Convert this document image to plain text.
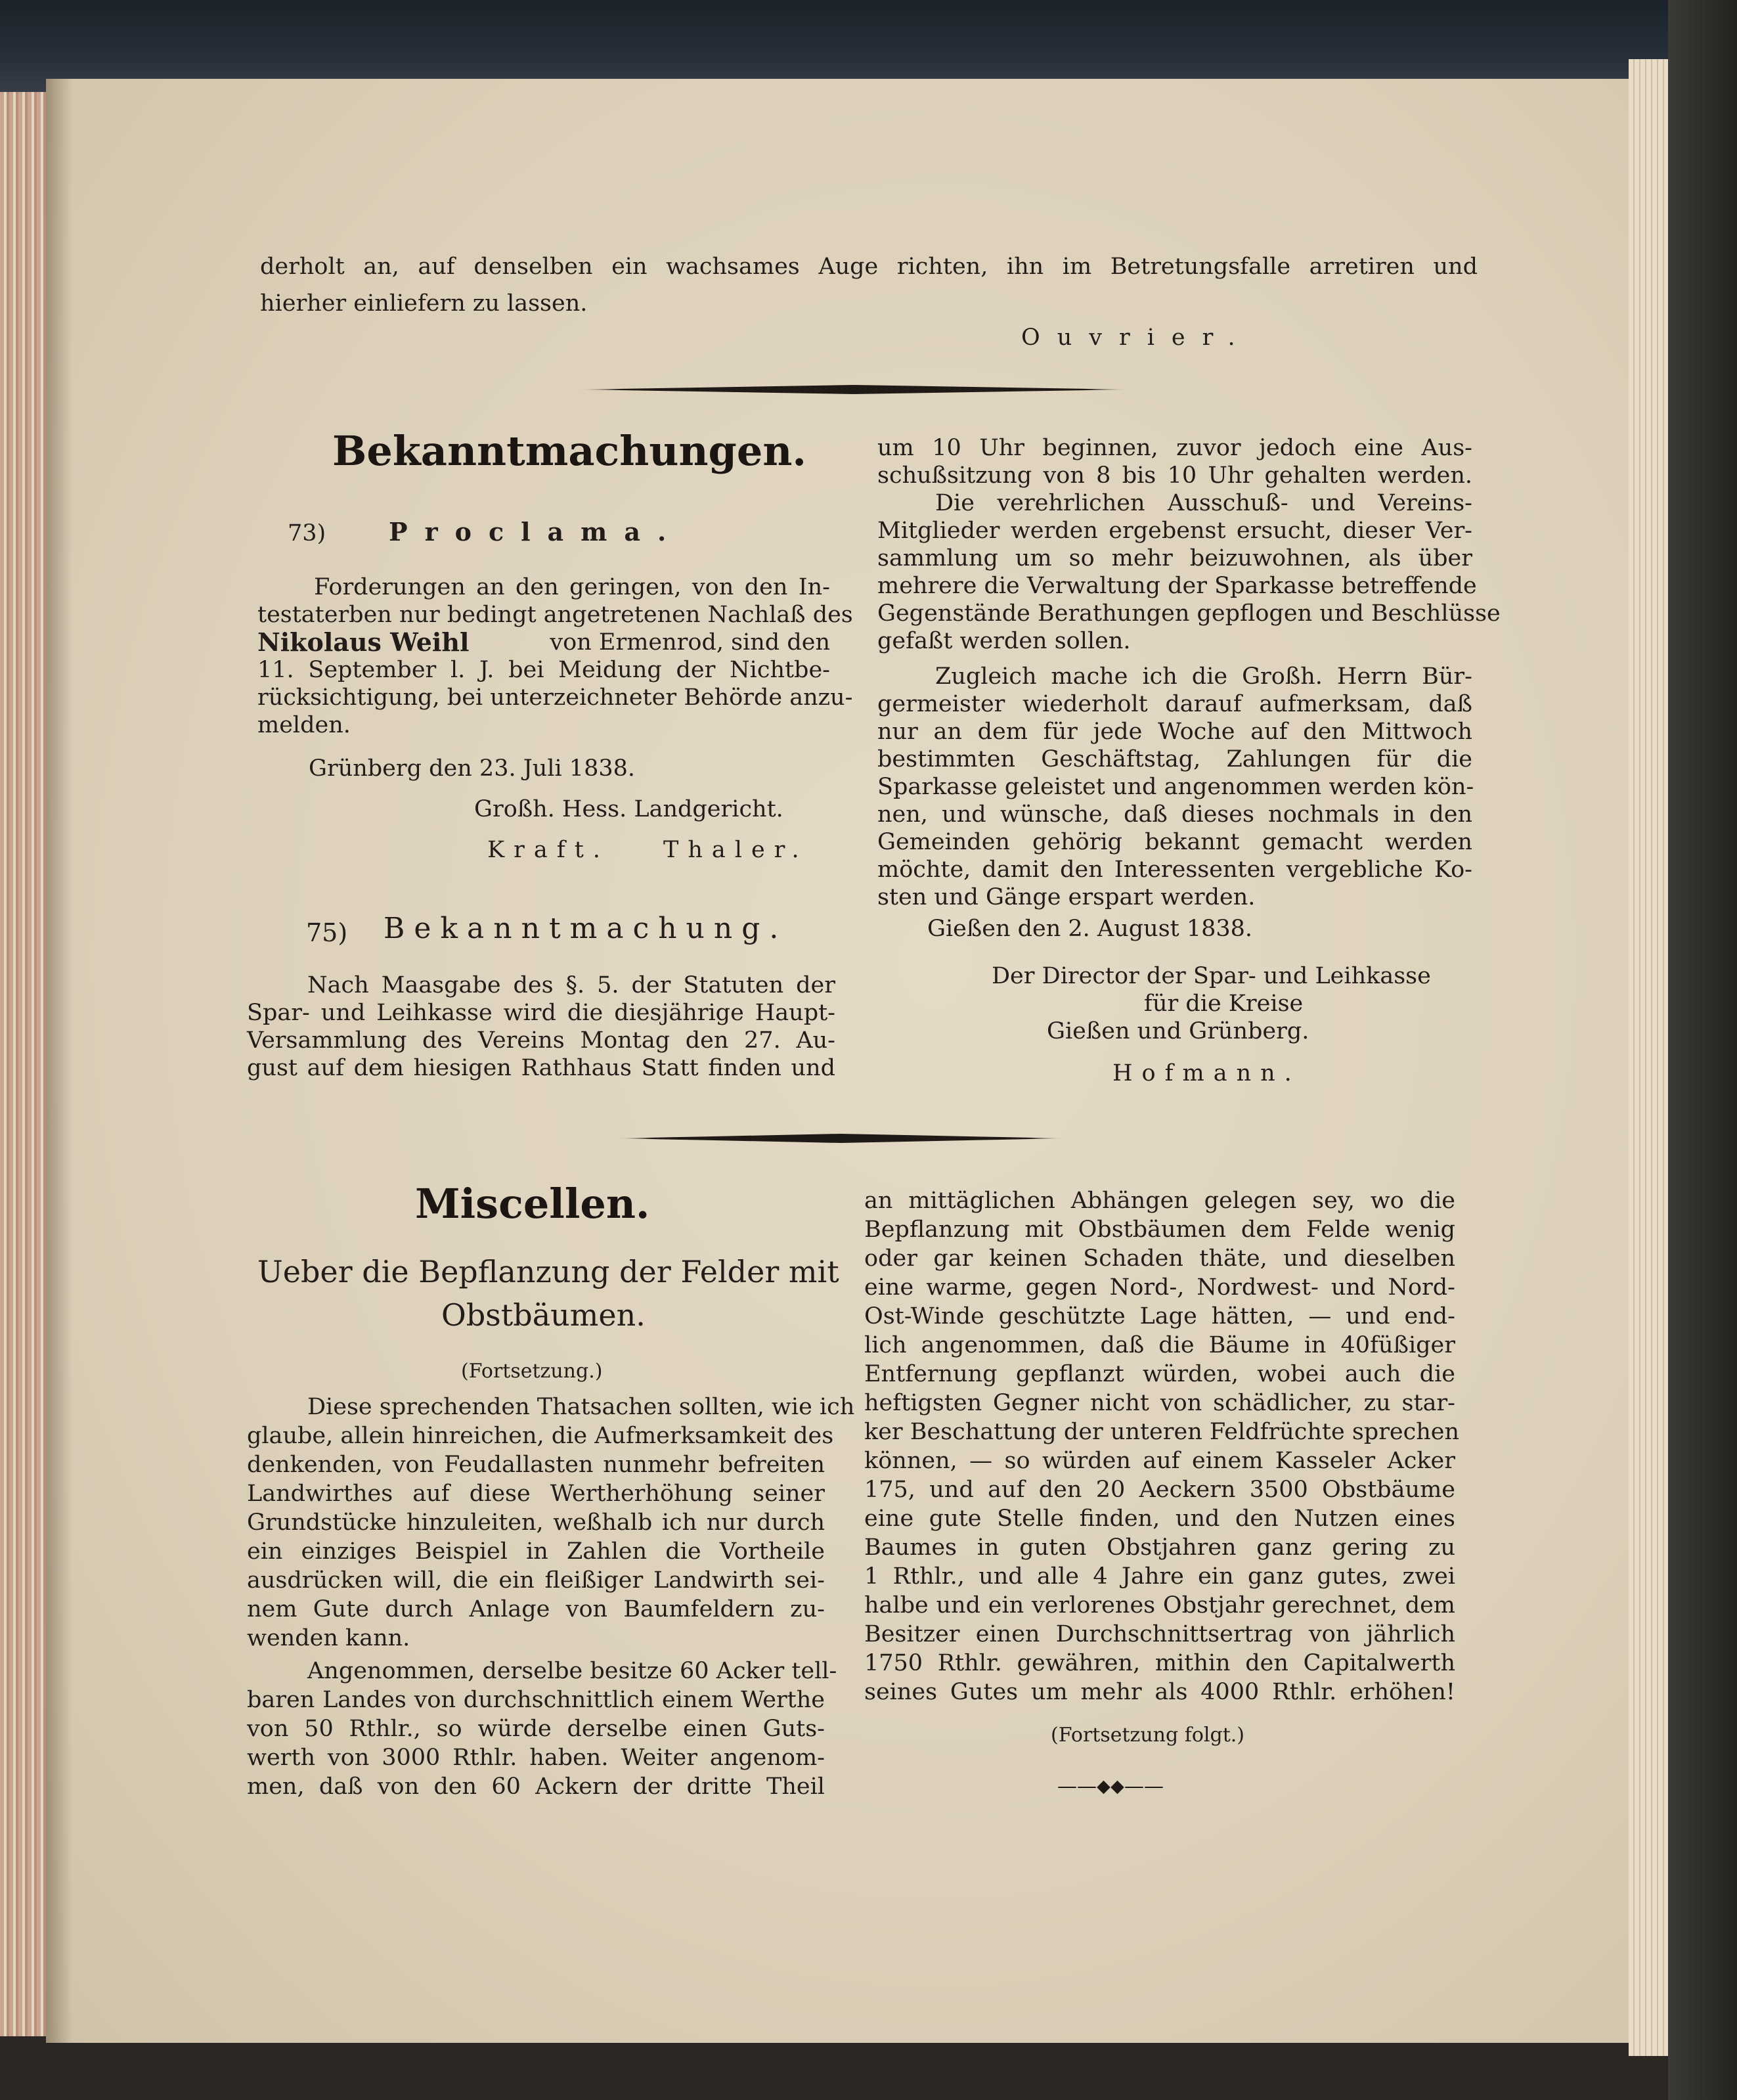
derholt an, auf denselben ein wachsames Auge richten, ihn im Betretungsfalle arretiren und
hierher einliefern zu lassen.
Ouvrier.
Bekanntmachungen.
73)	Proclama.
Forderungen an den geringen, von den In-
testaterben nur bedingt angetretenen Nachlaß des
Nikolaus Weihl	von Ermenrod, sind den
11. September l. J. bei Meidung der Nichtbe-
rücksichtigung, bei unterzeichneter Behörde anzu-
melden.
Grünberg den 23. Juli 1838.
Großh. Hess. Landgericht.
Kraft. Thaler.
75) Bekanntmachung.
Nach Maasgabe des §. 5. der Statuten der
Spar- und Leihkasse wird die diesjährige Haupt-
Versammlung des Vereins Montag den 27. Au-
gust auf dem hiesigen Rathhaus Statt finden und
um 10 Uhr beginnen, zuvor jedoch eine Aus-
schußsitzung von 8 bis 10 Uhr gehalten werden.
Die verehrlichen Ausschuß- und Vereins-
Mitglieder werden ergebenst ersucht, dieser Ver-
sammlung um so mehr beizuwohnen, als über
mehrere die Verwaltung der Sparkasse betreffende
Gegenstände Berathungen gepflogen und Beschlüsse
gefaßt werden sollen.
Zugleich mache ich die Großh. Herrn Bür-
germeister wiederholt darauf aufmerksam, daß
nur an dem für jede Woche auf den Mittwoch
bestimmten Geschäftstag, Zahlungen für die
Sparkasse geleistet und angenommen werden kön-
nen, und wünsche, daß dieses nochmals in den
Gemeinden gehörig bekannt gemacht werden
möchte, damit den Interessenten vergebliche Ko-
sten und Gänge erspart werden.
Gießen den 2. August 1838.
Der Director der Spar- und Leihkasse
für die Kreise
Gießen und Grünberg.
Hofmann.
Miscellen.
Ueber die Bepflanzung der Felder mit
Obstbäumen.
(Fortsetzung.)
Diese sprechenden Thatsachen sollten, wie ich
glaube, allein hinreichen, die Aufmerksamkeit des
denkenden, von Feudallasten nunmehr befreiten
Landwirthes auf diese Wertherhöhung seiner
Grundstücke hinzuleiten, weßhalb ich nur durch
ein einziges Beispiel in Zahlen die Vortheile
ausdrücken will, die ein fleißiger Landwirth sei-
nem Gute durch Anlage von Baumfeldern zu-
wenden kann.
Angenommen, derselbe besitze 60 Acker tell-
baren Landes von durchschnittlich einem Werthe
von 50 Rthlr., so würde derselbe einen Guts-
werth von 3000 Rthlr. haben. Weiter angenom-
men, daß von den 60 Ackern der dritte Theil
an mittäglichen Abhängen gelegen sey, wo die
Bepflanzung mit Obstbäumen dem Felde wenig
oder gar keinen Schaden thäte, und dieselben
eine warme, gegen Nord-, Nordwest- und Nord-
Ost-Winde geschützte Lage hätten, — und end-
lich angenommen, daß die Bäume in 40füßiger
Entfernung gepflanzt würden, wobei auch die
heftigsten Gegner nicht von schädlicher, zu star-
ker Beschattung der unteren Feldfrüchte sprechen
können, — so würden auf einem Kasseler Acker
175, und auf den 20 Aeckern 3500 Obstbäume
eine gute Stelle finden, und den Nutzen eines
Baumes in guten Obstjahren ganz gering zu
1 Rthlr., und alle 4 Jahre ein ganz gutes, zwei
halbe und ein verlorenes Obstjahr gerechnet, dem
Besitzer einen Durchschnittsertrag von jährlich
1750 Rthlr. gewähren, mithin den Capitalwerth
seines Gutes um mehr als 4000 Rthlr. erhöhen!
(Fortsetzung folgt.)
——⬥⬥——
